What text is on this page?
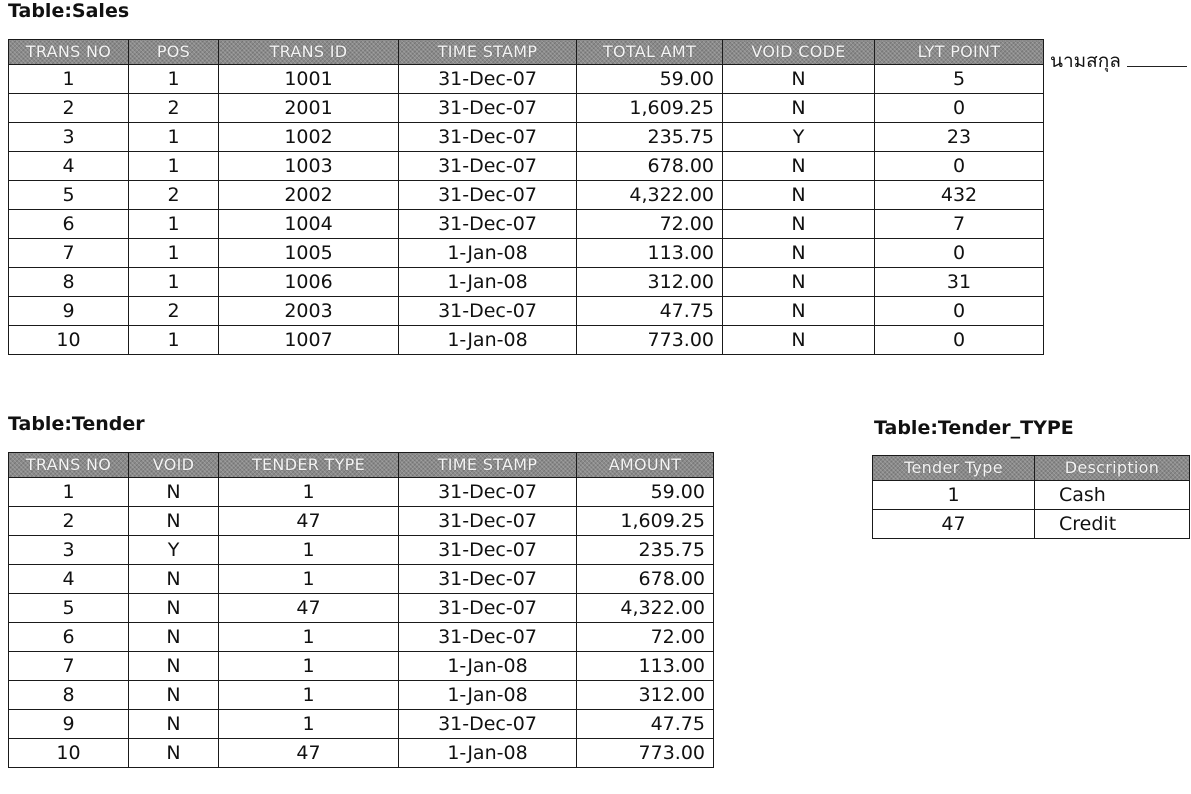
Table:Sales
TRANS NO	POS	TRANS ID	TIME STAMP	TOTAL AMT	VOID CODE	LYT POINT
1	1	1001	31-Dec-07	59.00	N	5
2	2	2001	31-Dec-07	1,609.25	N	0
3	1	1002	31-Dec-07	235.75	Y	23
4	1	1003	31-Dec-07	678.00	N	0
5	2	2002	31-Dec-07	4,322.00	N	432
6	1	1004	31-Dec-07	72.00	N	7
7	1	1005	1-Jan-08	113.00	N	0
8	1	1006	1-Jan-08	312.00	N	31
9	2	2003	31-Dec-07	47.75	N	0
10	1	1007	1-Jan-08	773.00	N	0
นามสกุล
Table:Tender
TRANS NO	VOID	TENDER TYPE	TIME STAMP	AMOUNT
1	N	1	31-Dec-07	59.00
2	N	47	31-Dec-07	1,609.25
3	Y	1	31-Dec-07	235.75
4	N	1	31-Dec-07	678.00
5	N	47	31-Dec-07	4,322.00
6	N	1	31-Dec-07	72.00
7	N	1	1-Jan-08	113.00
8	N	1	1-Jan-08	312.00
9	N	1	31-Dec-07	47.75
10	N	47	1-Jan-08	773.00
Table:Tender_TYPE
Tender Type	Description
1	Cash
47	Credit
